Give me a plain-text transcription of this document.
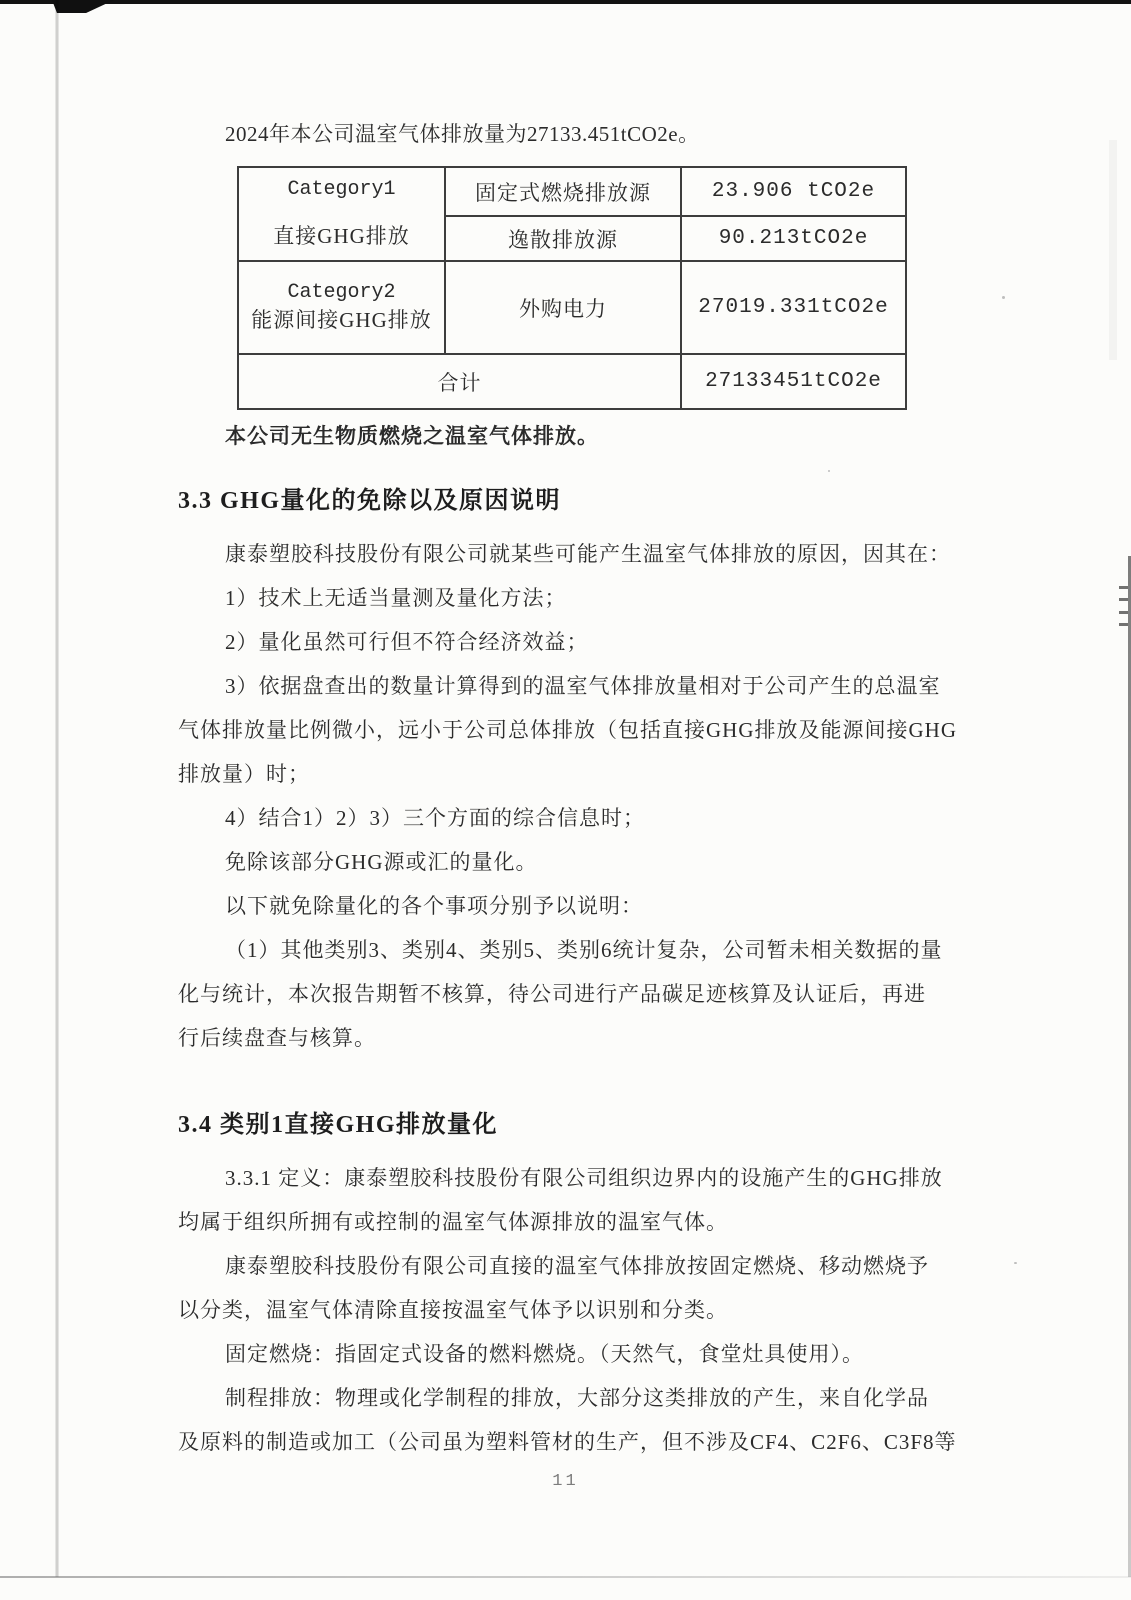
2024年本公司温室气体排放量为27133.451tCO2e。
Category1
直接GHG排放	固定式燃烧排放源	23.906 tCO2e
	逸散排放源	90.213tCO2e

Category2
能源间接GHG排放	外购电力	27019.331tCO2e
合计		27133451tCO2e
本公司无生物质燃烧之温室气体排放。
3.3 GHG量化的免除以及原因说明
康泰塑胶科技股份有限公司就某些可能产生温室气体排放的原因，因其在：
1）技术上无适当量测及量化方法；
2）量化虽然可行但不符合经济效益；
3）依据盘查出的数量计算得到的温室气体排放量相对于公司产生的总温室
气体排放量比例微小，远小于公司总体排放（包括直接GHG排放及能源间接GHG
排放量）时；
4）结合1）2）3）三个方面的综合信息时；
免除该部分GHG源或汇的量化。
以下就免除量化的各个事项分别予以说明：
（1）其他类别3、类别4、类别5、类别6统计复杂，公司暂未相关数据的量
化与统计，本次报告期暂不核算，待公司进行产品碳足迹核算及认证后，再进
行后续盘查与核算。
3.4 类别1直接GHG排放量化
3.3.1 定义：康泰塑胶科技股份有限公司组织边界内的设施产生的GHG排放
均属于组织所拥有或控制的温室气体源排放的温室气体。
康泰塑胶科技股份有限公司直接的温室气体排放按固定燃烧、移动燃烧予
以分类，温室气体清除直接按温室气体予以识别和分类。
固定燃烧：指固定式设备的燃料燃烧。（天然气，食堂灶具使用）。
制程排放：物理或化学制程的排放，大部分这类排放的产生，来自化学品
及原料的制造或加工（公司虽为塑料管材的生产，但不涉及CF4、C2F6、C3F8等
11
